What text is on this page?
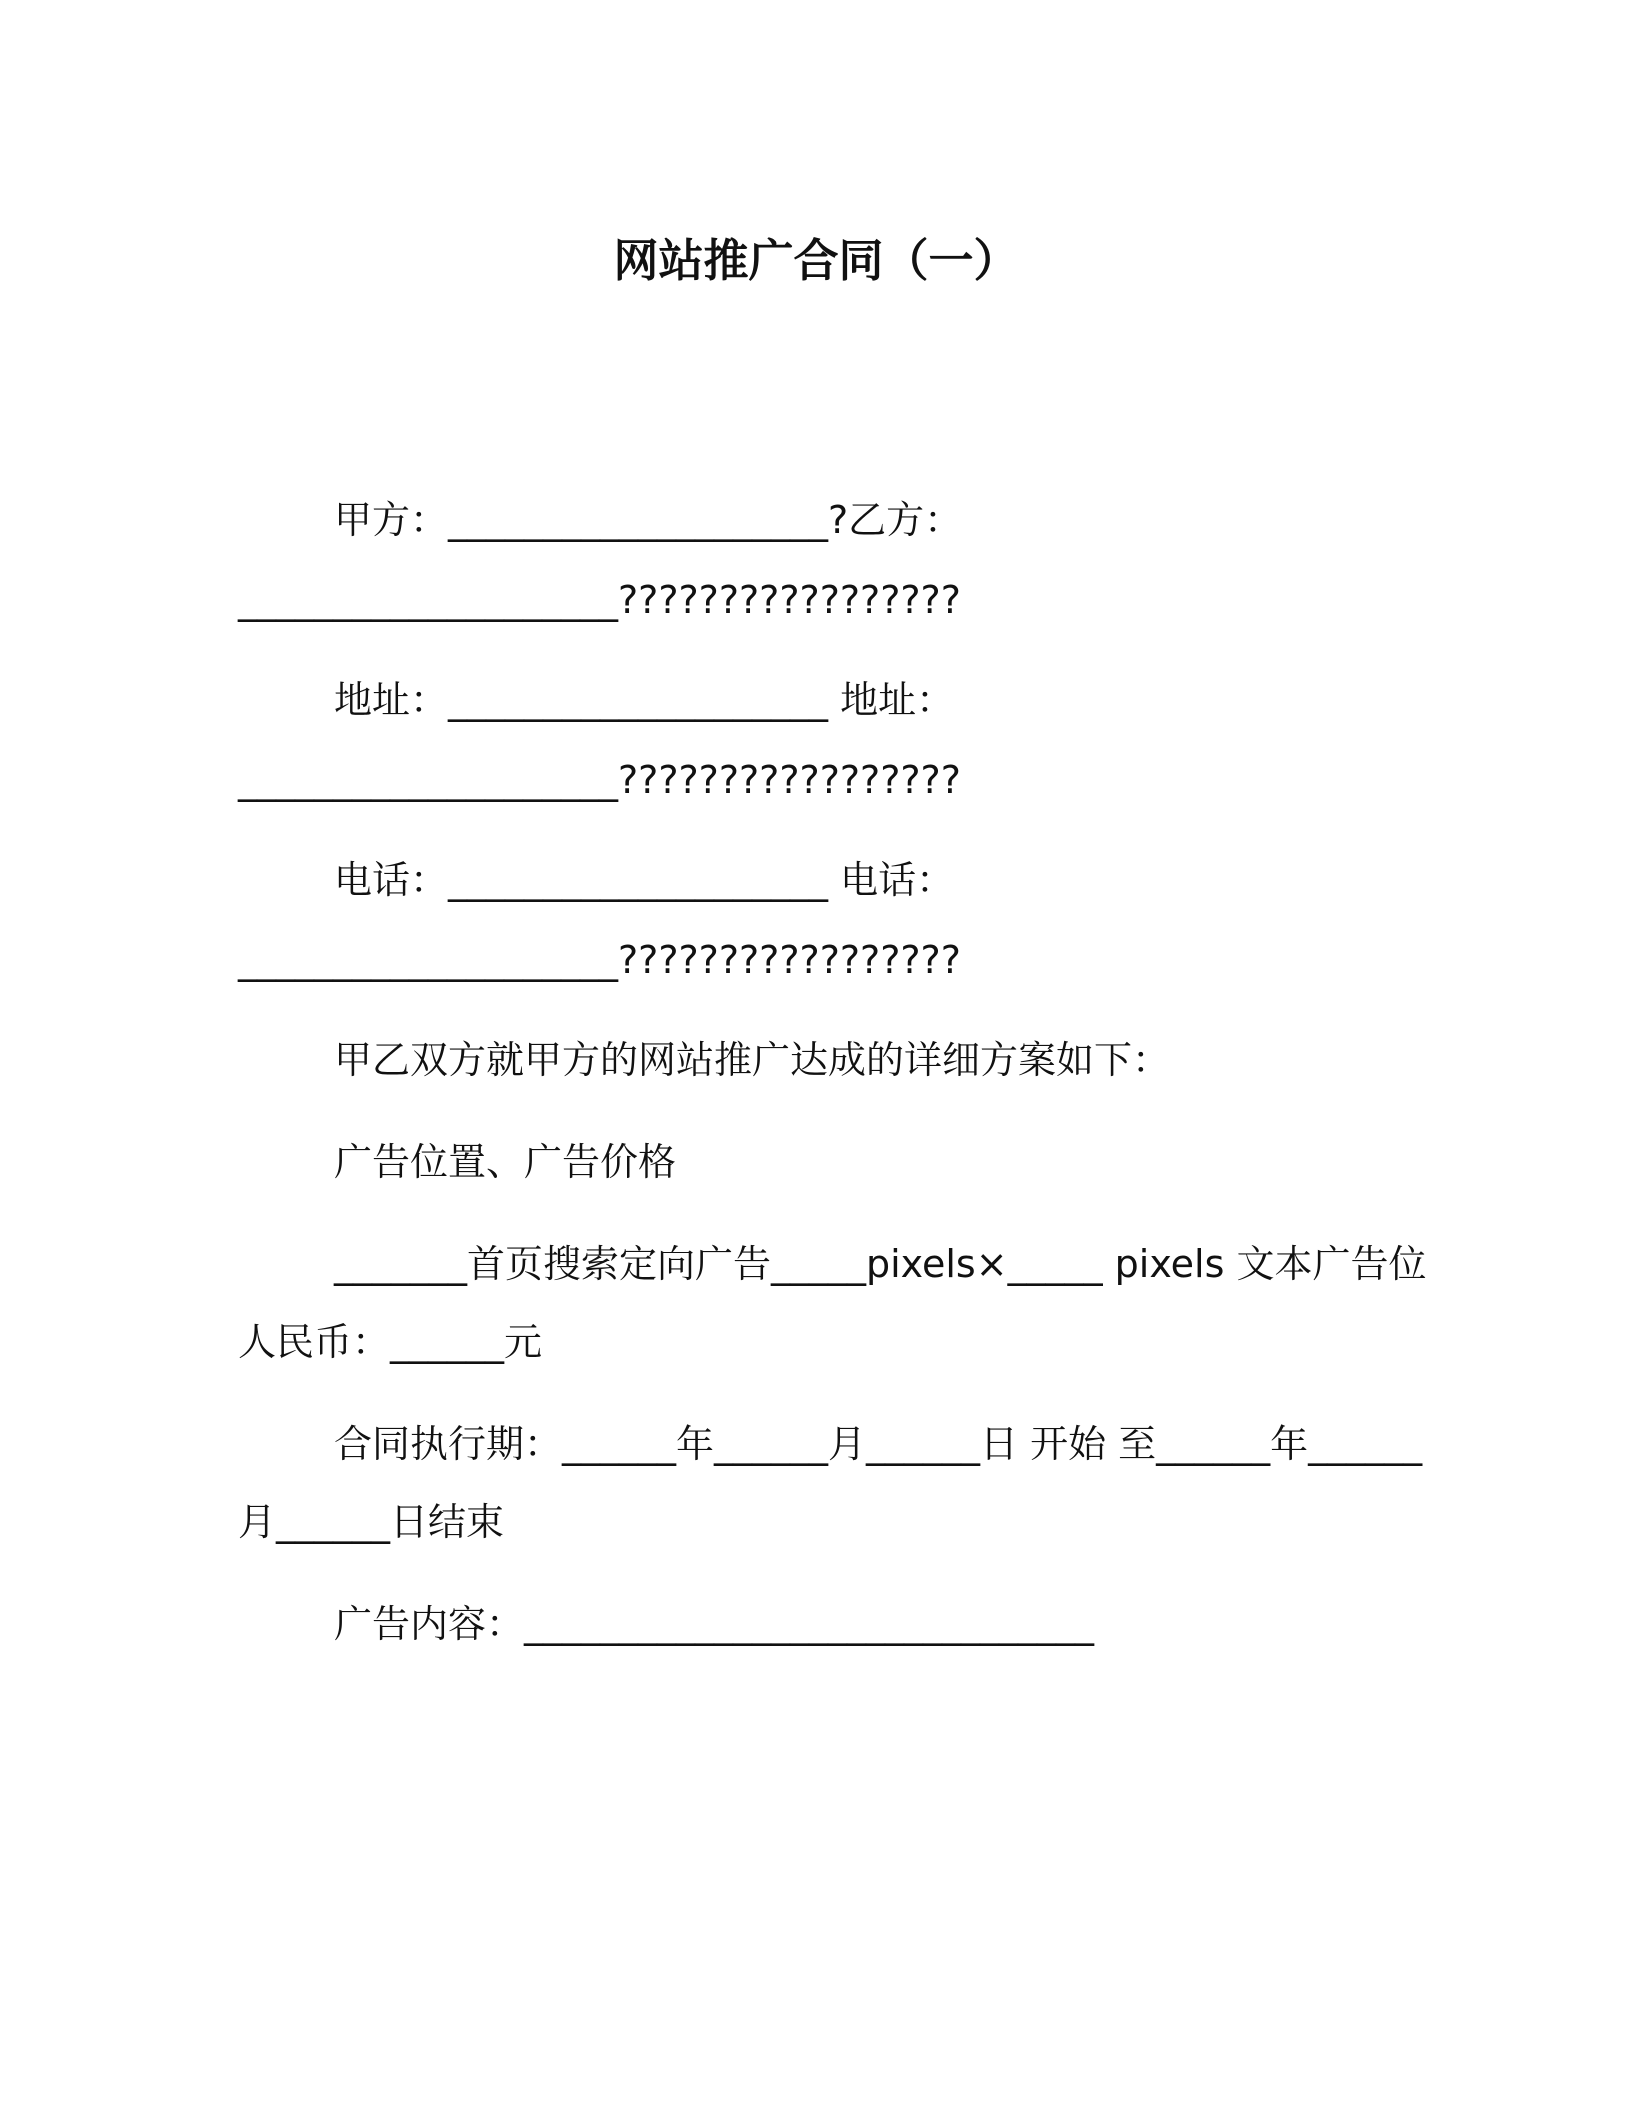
网站推广合同（一）
甲方：____________________?乙方：
____________________?????????????????
地址：____________________ 地址：
____________________?????????????????
电话：____________________ 电话：
____________________?????????????????
甲乙双方就甲方的网站推广达成的详细方案如下：
广告位置、广告价格
_______首页搜索定向广告_____pixels×_____ pixels 文本广告位
人民币：______元
合同执行期：______年______月______日 开始 至______年______
月______日结束
广告内容：______________________________
